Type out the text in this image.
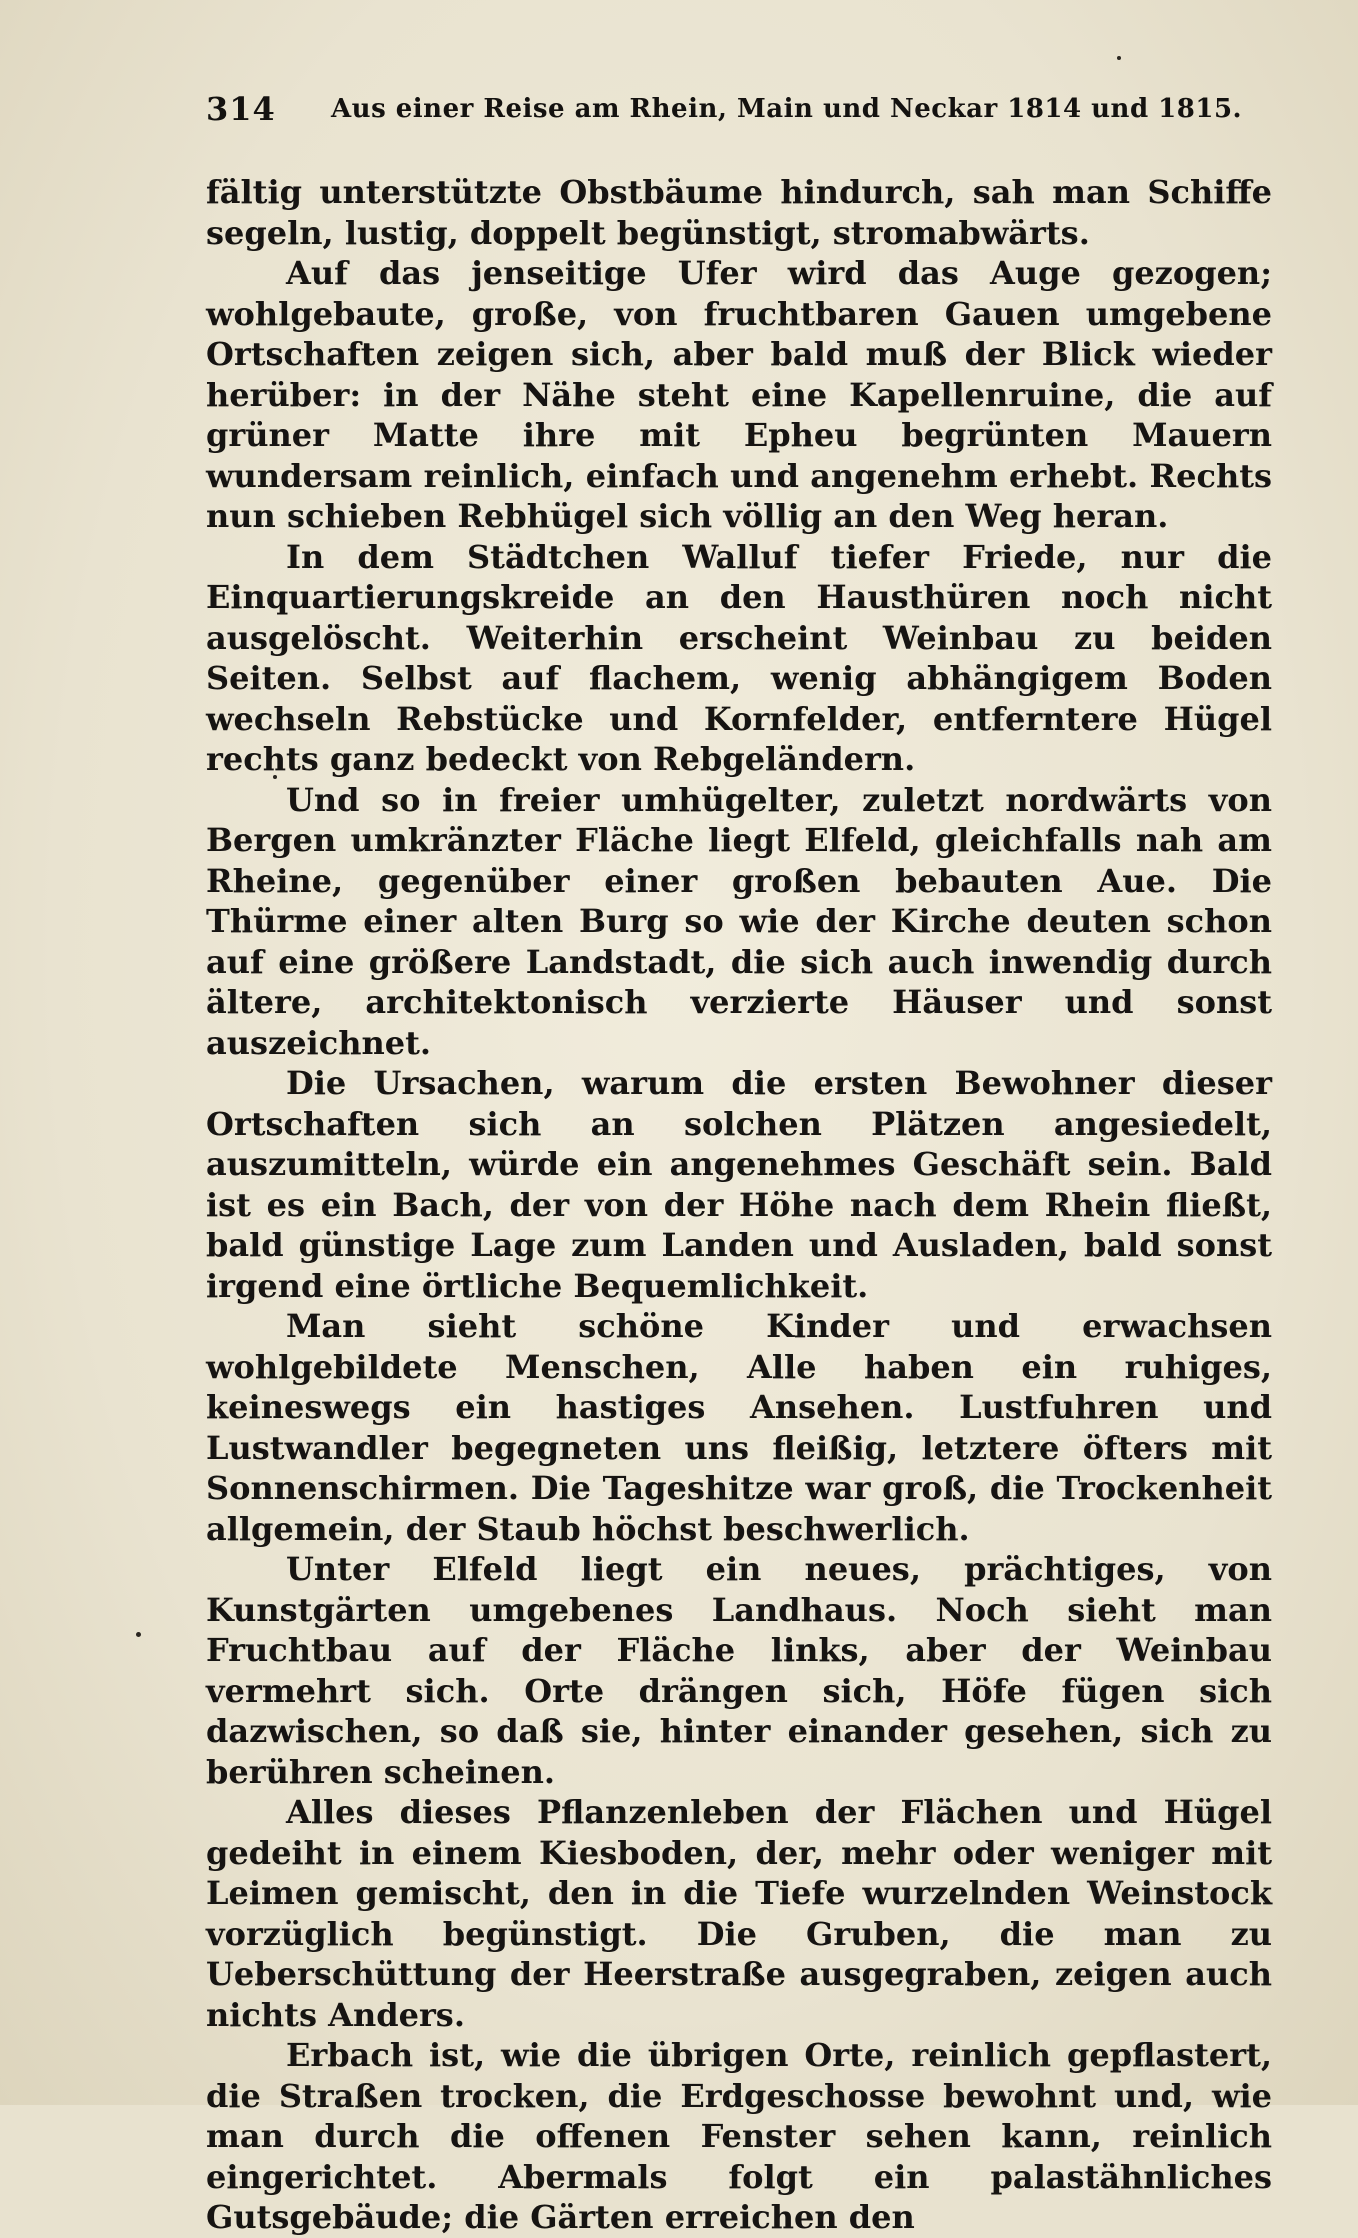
314 Aus einer Reise am Rhein, Main und Neckar 1814 und 1815.

fältig unterstützte Obstbäume hindurch, sah man Schiffe segeln, lustig, doppelt begünstigt, stromabwärts.

Auf das jenseitige Ufer wird das Auge gezogen; wohlgebaute, große, von fruchtbaren Gauen umgebene Ortschaften zeigen sich, aber bald muß der Blick wieder herüber: in der Nähe steht eine Kapellenruine, die auf grüner Matte ihre mit Epheu begrünten Mauern wundersam reinlich, einfach und angenehm erhebt. Rechts nun schieben Rebhügel sich völlig an den Weg heran.

In dem Städtchen Walluf tiefer Friede, nur die Einquartierungskreide an den Hausthüren noch nicht ausgelöscht. Weiterhin erscheint Weinbau zu beiden Seiten. Selbst auf flachem, wenig abhängigem Boden wechseln Rebstücke und Kornfelder, entferntere Hügel rechts ganz bedeckt von Rebgeländern.

Und so in freier umhügelter, zuletzt nordwärts von Bergen umkränzter Fläche liegt Elfeld, gleichfalls nah am Rheine, gegenüber einer großen bebauten Aue. Die Thürme einer alten Burg so wie der Kirche deuten schon auf eine größere Landstadt, die sich auch inwendig durch ältere, architektonisch verzierte Häuser und sonst auszeichnet.

Die Ursachen, warum die ersten Bewohner dieser Ortschaften sich an solchen Plätzen angesiedelt, auszumitteln, würde ein angenehmes Geschäft sein. Bald ist es ein Bach, der von der Höhe nach dem Rhein fließt, bald günstige Lage zum Landen und Ausladen, bald sonst irgend eine örtliche Bequemlichkeit.

Man sieht schöne Kinder und erwachsen wohlgebildete Menschen, Alle haben ein ruhiges, keineswegs ein hastiges Ansehen. Lustfuhren und Lustwandler begegneten uns fleißig, letztere öfters mit Sonnenschirmen. Die Tageshitze war groß, die Trockenheit allgemein, der Staub höchst beschwerlich.

Unter Elfeld liegt ein neues, prächtiges, von Kunstgärten umgebenes Landhaus. Noch sieht man Fruchtbau auf der Fläche links, aber der Weinbau vermehrt sich. Orte drängen sich, Höfe fügen sich dazwischen, so daß sie, hinter einander gesehen, sich zu berühren scheinen.

Alles dieses Pflanzenleben der Flächen und Hügel gedeiht in einem Kiesboden, der, mehr oder weniger mit Leimen gemischt, den in die Tiefe wurzelnden Weinstock vorzüglich begünstigt. Die Gruben, die man zu Ueberschüttung der Heerstraße ausgegraben, zeigen auch nichts Anders.

Erbach ist, wie die übrigen Orte, reinlich gepflastert, die Straßen trocken, die Erdgeschosse bewohnt und, wie man durch die offenen Fenster sehen kann, reinlich eingerichtet. Abermals folgt ein palastähnliches Gutsgebäude; die Gärten erreichen den
